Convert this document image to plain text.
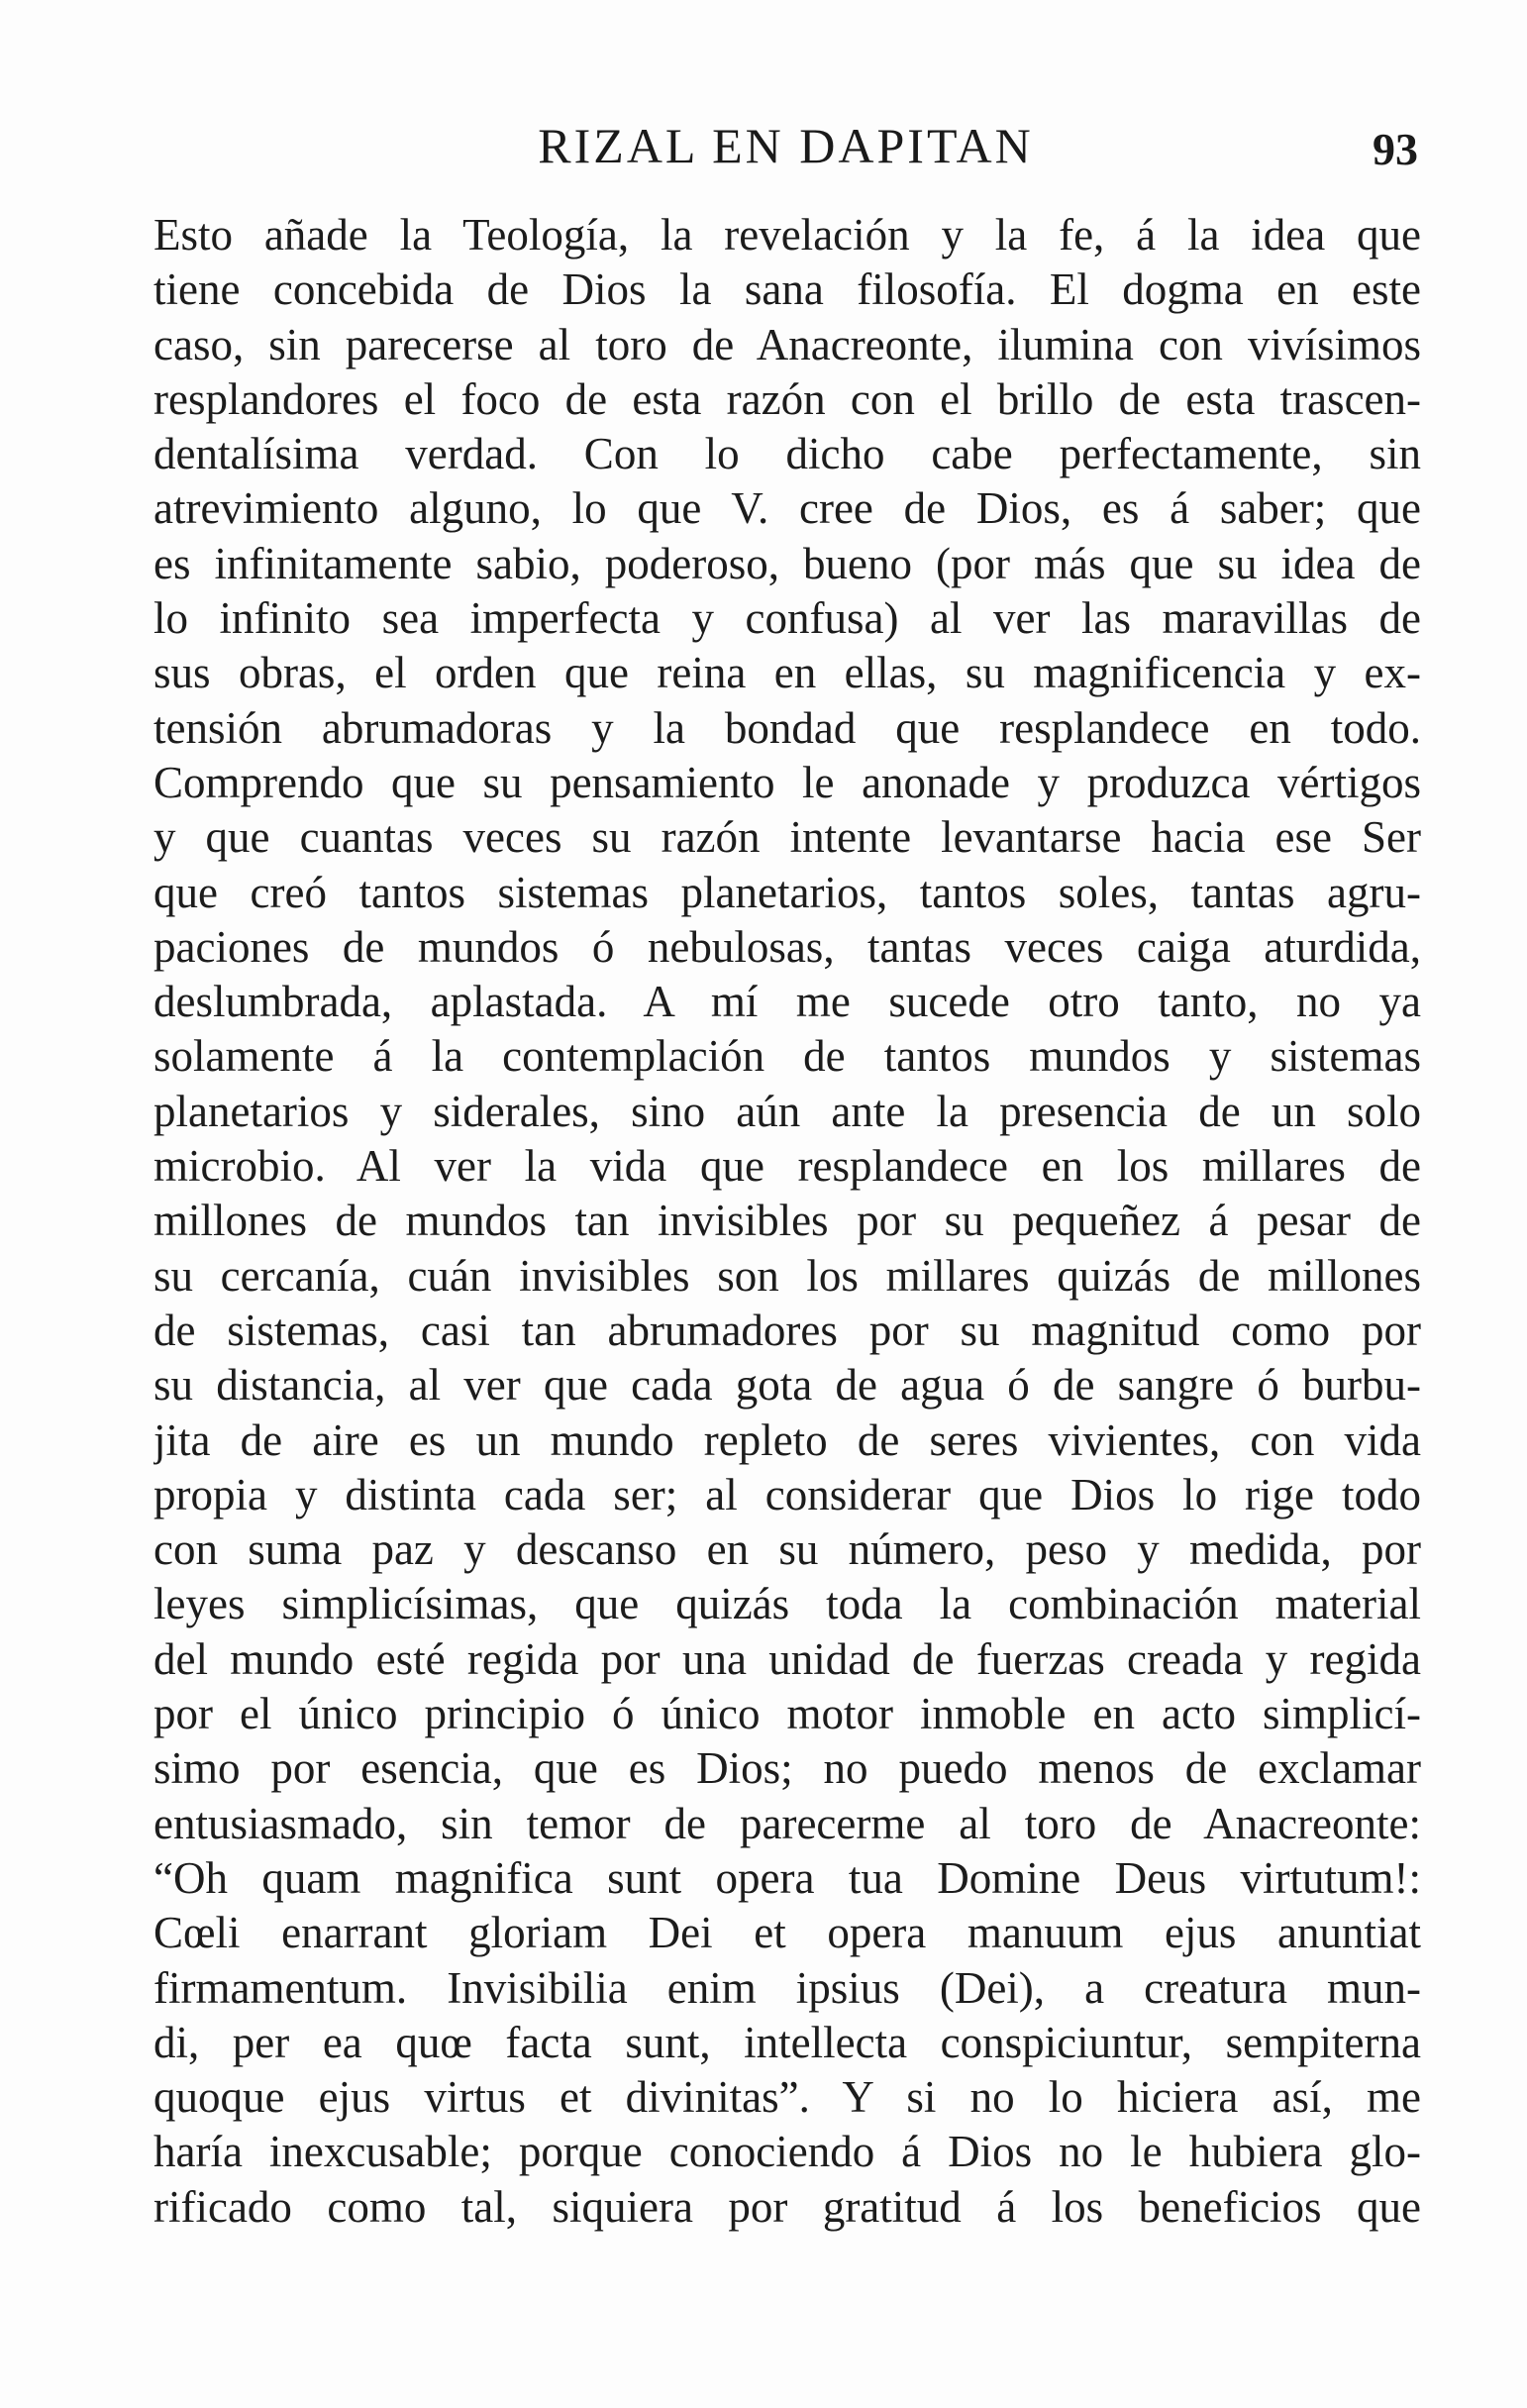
RIZAL EN DAPITAN	93
Esto añade la Teología, la revelación y la fe, á la idea que
tiene concebida de Dios la sana filosofía. El dogma en este
caso, sin parecerse al toro de Anacreonte, ilumina con vivísimos
resplandores el foco de esta razón con el brillo de esta trascen-
dentalísima verdad. Con lo dicho cabe perfectamente, sin
atrevimiento alguno, lo que V. cree de Dios, es á saber; que
es infinitamente sabio, poderoso, bueno (por más que su idea de
lo infinito sea imperfecta y confusa) al ver las maravillas de
sus obras, el orden que reina en ellas, su magnificencia y ex-
tensión abrumadoras y la bondad que resplandece en todo.
Comprendo que su pensamiento le anonade y produzca vértigos
y que cuantas veces su razón intente levantarse hacia ese Ser
que creó tantos sistemas planetarios, tantos soles, tantas agru-
paciones de mundos ó nebulosas, tantas veces caiga aturdida,
deslumbrada, aplastada. A mí me sucede otro tanto, no ya
solamente á la contemplación de tantos mundos y sistemas
planetarios y siderales, sino aún ante la presencia de un solo
microbio. Al ver la vida que resplandece en los millares de
millones de mundos tan invisibles por su pequeñez á pesar de
su cercanía, cuán invisibles son los millares quizás de millones
de sistemas, casi tan abrumadores por su magnitud como por
su distancia, al ver que cada gota de agua ó de sangre ó burbu-
jita de aire es un mundo repleto de seres vivientes, con vida
propia y distinta cada ser; al considerar que Dios lo rige todo
con suma paz y descanso en su número, peso y medida, por
leyes simplicísimas, que quizás toda la combinación material
del mundo esté regida por una unidad de fuerzas creada y regida
por el único principio ó único motor inmoble en acto simplicí-
simo por esencia, que es Dios; no puedo menos de exclamar
entusiasmado, sin temor de parecerme al toro de Anacreonte:
“Oh quam magnifica sunt opera tua Domine Deus virtutum!:
Cœli enarrant gloriam Dei et opera manuum ejus anuntiat
firmamentum. Invisibilia enim ipsius (Dei), a creatura mun-
di, per ea quœ facta sunt, intellecta conspiciuntur, sempiterna
quoque ejus virtus et divinitas”. Y si no lo hiciera así, me
haría inexcusable; porque conociendo á Dios no le hubiera glo-
rificado como tal, siquiera por gratitud á los beneficios que
